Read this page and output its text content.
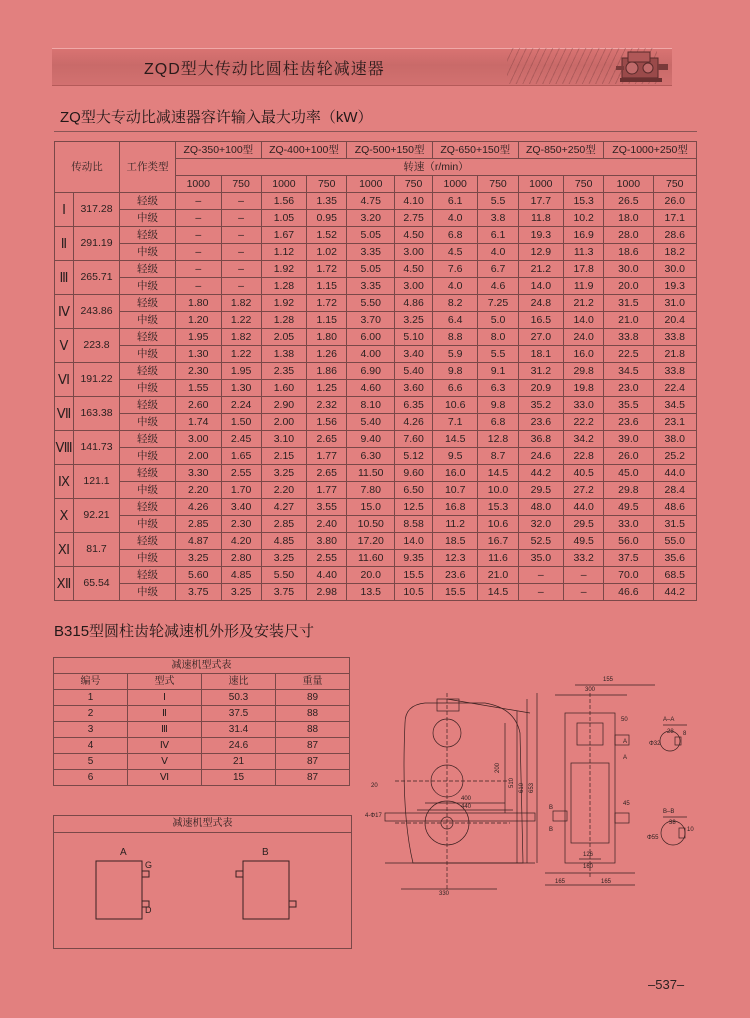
ZQD型大传动比圆柱齿轮减速器
ZQ型大专动比减速器容许输入最大功率（kW）
传动比		工作类型	ZQ-350+100型		ZQ-400+100型		ZQ-500+150型		ZQ-650+150型		ZQ-850+250型		ZQ-1000+250型	
			转速（r/min）											
			1000	750	1000	750	1000	750	1000	750	1000	750	1000	750
Ⅰ	317.28	轻级	–	–	1.56	1.35	4.75	4.10	6.1	5.5	17.7	15.3	26.5	26.0
		中级	–	–	1.05	0.95	3.20	2.75	4.0	3.8	11.8	10.2	18.0	17.1
Ⅱ	291.19	轻级	–	–	1.67	1.52	5.05	4.50	6.8	6.1	19.3	16.9	28.0	28.6
		中级	–	–	1.12	1.02	3.35	3.00	4.5	4.0	12.9	11.3	18.6	18.2
Ⅲ	265.71	轻级	–	–	1.92	1.72	5.05	4.50	7.6	6.7	21.2	17.8	30.0	30.0
		中级	–	–	1.28	1.15	3.35	3.00	4.0	4.6	14.0	11.9	20.0	19.3
Ⅳ	243.86	轻级	1.80	1.82	1.92	1.72	5.50	4.86	8.2	7.25	24.8	21.2	31.5	31.0
		中级	1.20	1.22	1.28	1.15	3.70	3.25	6.4	5.0	16.5	14.0	21.0	20.4
Ⅴ	223.8	轻级	1.95	1.82	2.05	1.80	6.00	5.10	8.8	8.0	27.0	24.0	33.8	33.8
		中级	1.30	1.22	1.38	1.26	4.00	3.40	5.9	5.5	18.1	16.0	22.5	21.8
Ⅵ	191.22	轻级	2.30	1.95	2.35	1.86	6.90	5.40	9.8	9.1	31.2	29.8	34.5	33.8
		中级	1.55	1.30	1.60	1.25	4.60	3.60	6.6	6.3	20.9	19.8	23.0	22.4
Ⅶ	163.38	轻级	2.60	2.24	2.90	2.32	8.10	6.35	10.6	9.8	35.2	33.0	35.5	34.5
		中级	1.74	1.50	2.00	1.56	5.40	4.26	7.1	6.8	23.6	22.2	23.6	23.1
Ⅷ	141.73	轻级	3.00	2.45	3.10	2.65	9.40	7.60	14.5	12.8	36.8	34.2	39.0	38.0
		中级	2.00	1.65	2.15	1.77	6.30	5.12	9.5	8.7	24.6	22.8	26.0	25.2
Ⅸ	121.1	轻级	3.30	2.55	3.25	2.65	11.50	9.60	16.0	14.5	44.2	40.5	45.0	44.0
		中级	2.20	1.70	2.20	1.77	7.80	6.50	10.7	10.0	29.5	27.2	29.8	28.4
Ⅹ	92.21	轻级	4.26	3.40	4.27	3.55	15.0	12.5	16.8	15.3	48.0	44.0	49.5	48.6
		中级	2.85	2.30	2.85	2.40	10.50	8.58	11.2	10.6	32.0	29.5	33.0	31.5
Ⅺ	81.7	轻级	4.87	4.20	4.85	3.80	17.20	14.0	18.5	16.7	52.5	49.5	56.0	55.0
		中级	3.25	2.80	3.25	2.55	11.60	9.35	12.3	11.6	35.0	33.2	37.5	35.6
Ⅻ	65.54	轻级	5.60	4.85	5.50	4.40	20.0	15.5	23.6	21.0	–	–	70.0	68.5
		中级	3.75	3.25	3.75	2.98	13.5	10.5	15.5	14.5	–	–	46.6	44.2
B315型圆柱齿轮减速机外形及安装尺寸
减速机型式表			
编号	型式	速比	重量
1	Ⅰ	50.3	89
2	Ⅱ	37.5	88
3	Ⅲ	31.4	88
4	Ⅳ	24.6	87
5	Ⅴ	21	87
6	Ⅵ	15	87
减速机型式表
A
G
D
B
155
300
50
20
200
510 610 653
400
440
330
4-Φ17
45
126
160
165	165
A–A
28 8
Φ32
B–B
38
10
Φ55
A
A
B
B
–537–
